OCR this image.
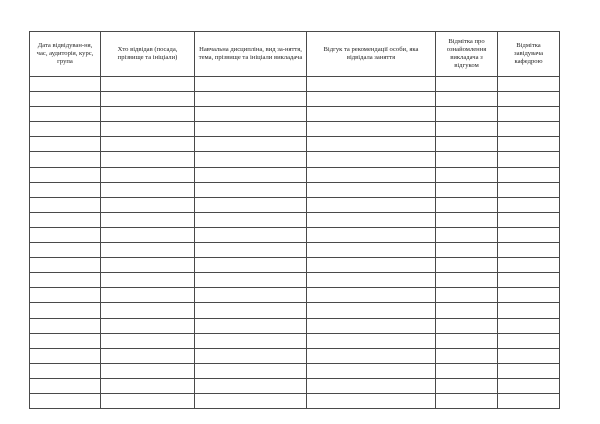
Дата відвідуван-ня, час, аудиторія, курс, група	Хто відвідав (посада, прізвище та ініціали)	Навчальна дисципліна, вид за-няття, тема, прізвище та ініціали викладача	Відгук та рекомендації особи, яка відвідала заняття	Відмітка про ознайомлення викладача з відгуком	Відмітка завідувача кафедрою
